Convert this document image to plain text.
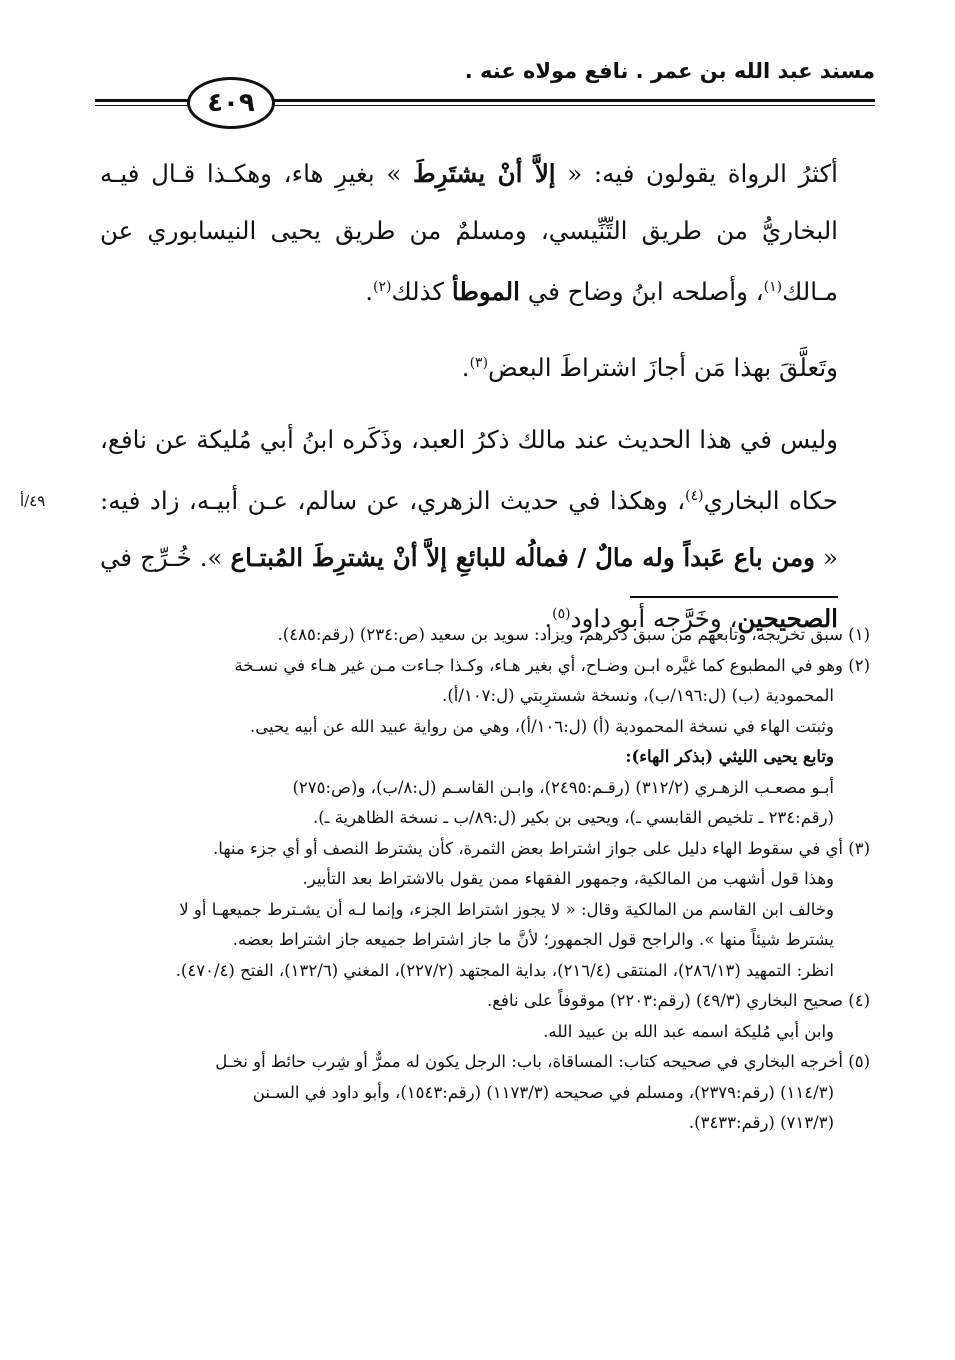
مسند عبد الله بن عمر . نافع مولاه عنه .
٤٠٩
٤٩/أ

أكثرُ الرواة يقولون فيه: « إلاَّ أنْ يشتَرِطَ » بغيرِ هاء، وهكـذا قـال فيـه البخاريُّ من طريق التِّنِّيسي، ومسلمٌ من طريق يحيى النيسابوري عن مـالك$^{(١)}$، وأصلحه ابنُ وضاح في الموطأ كذلك$^{(٢)}$.

وتَعلَّقَ بهذا مَن أجازَ اشتراطَ البعض$^{(٣)}$.

وليس في هذا الحديث عند مالك ذكرُ العبد، وذَكَره ابنُ أبي مُليكة عن نافع، حكاه البخاري$^{(٤)}$، وهكذا في حديث الزهري، عن سالم، عـن أبيـه، زاد فيه: « ومن باع عَبداً وله مالٌ / فمالُه للبائعِ إلاَّ أنْ يشترِطَ المُبتـاع ». خُـرِّج في الصحيحين، وخَرَّجه أبو داود$^{(٥)}$.

(١) سبق تخريجه، وتابعهم من سبق ذكرهم، ويزاد: سويد بن سعيد (ص:٢٣٤) (رقم:٤٨٥).

(٢) وهو في المطبوع كما غيَّره ابـن وضـاح، أي بغير هـاء، وكـذا جـاءت مـن غير هـاء في نسـخة

المحمودية (ب) (ل:١٩٦/ب)، ونسخة شسترِبتي (ل:١٠٧/أ).

وثبتت الهاء في نسخة المحمودية (أ) (ل:١٠٦/أ)، وهي من رواية عبيد الله عن أبيه يحيى.

وتابع يحيى الليثي (بذكر الهاء):

أبـو مصعـب الزهـري (٣١٢/٢) (رقـم:٢٤٩٥)، وابـن القاسـم (ل:٨/ب)، و(ص:٢٧٥)

(رقم:٢٣٤ ـ تلخيص القابسي ـ)، ويحيى بن بكير (ل:٨٩/ب ـ نسخة الظاهرية ـ).

(٣) أي في سقوط الهاء دليل على جواز اشتراط بعض الثمرة، كأن يشترط النصف أو أي جزء منها.

وهذا قول أشهب من المالكية، وجمهور الفقهاء ممن يقول بالاشتراط بعد التأبير.

وخالف ابن القاسم من المالكية وقال: « لا يجوز اشتراط الجزء، وإنما لـه أن يشـترط جميعهـا أو لا

يشترط شيئاً منها ». والراجح قول الجمهور؛ لأنَّ ما جاز اشتراط جميعه جاز اشتراط بعضه.

انظر: التمهيد (٢٨٦/١٣)، المنتقى (٢١٦/٤)، بداية المجتهد (٢٢٧/٢)، المغني (١٣٢/٦)، الفتح (٤٧٠/٤).

(٤) صحيح البخاري (٤٩/٣) (رقم:٢٢٠٣) موقوفاً على نافع.

وابن أبي مُليكة اسمه عبد الله بن عبيد الله.

(٥) أخرجه البخاري في صحيحه كتاب: المساقاة، باب: الرجل يكون له ممرٌّ أو شِرب حائط أو نخـل

(١١٤/٣) (رقم:٢٣٧٩)، ومسلم في صحيحه (١١٧٣/٣) (رقم:١٥٤٣)، وأبو داود في السـنن

(٧١٣/٣) (رقم:٣٤٣٣).
